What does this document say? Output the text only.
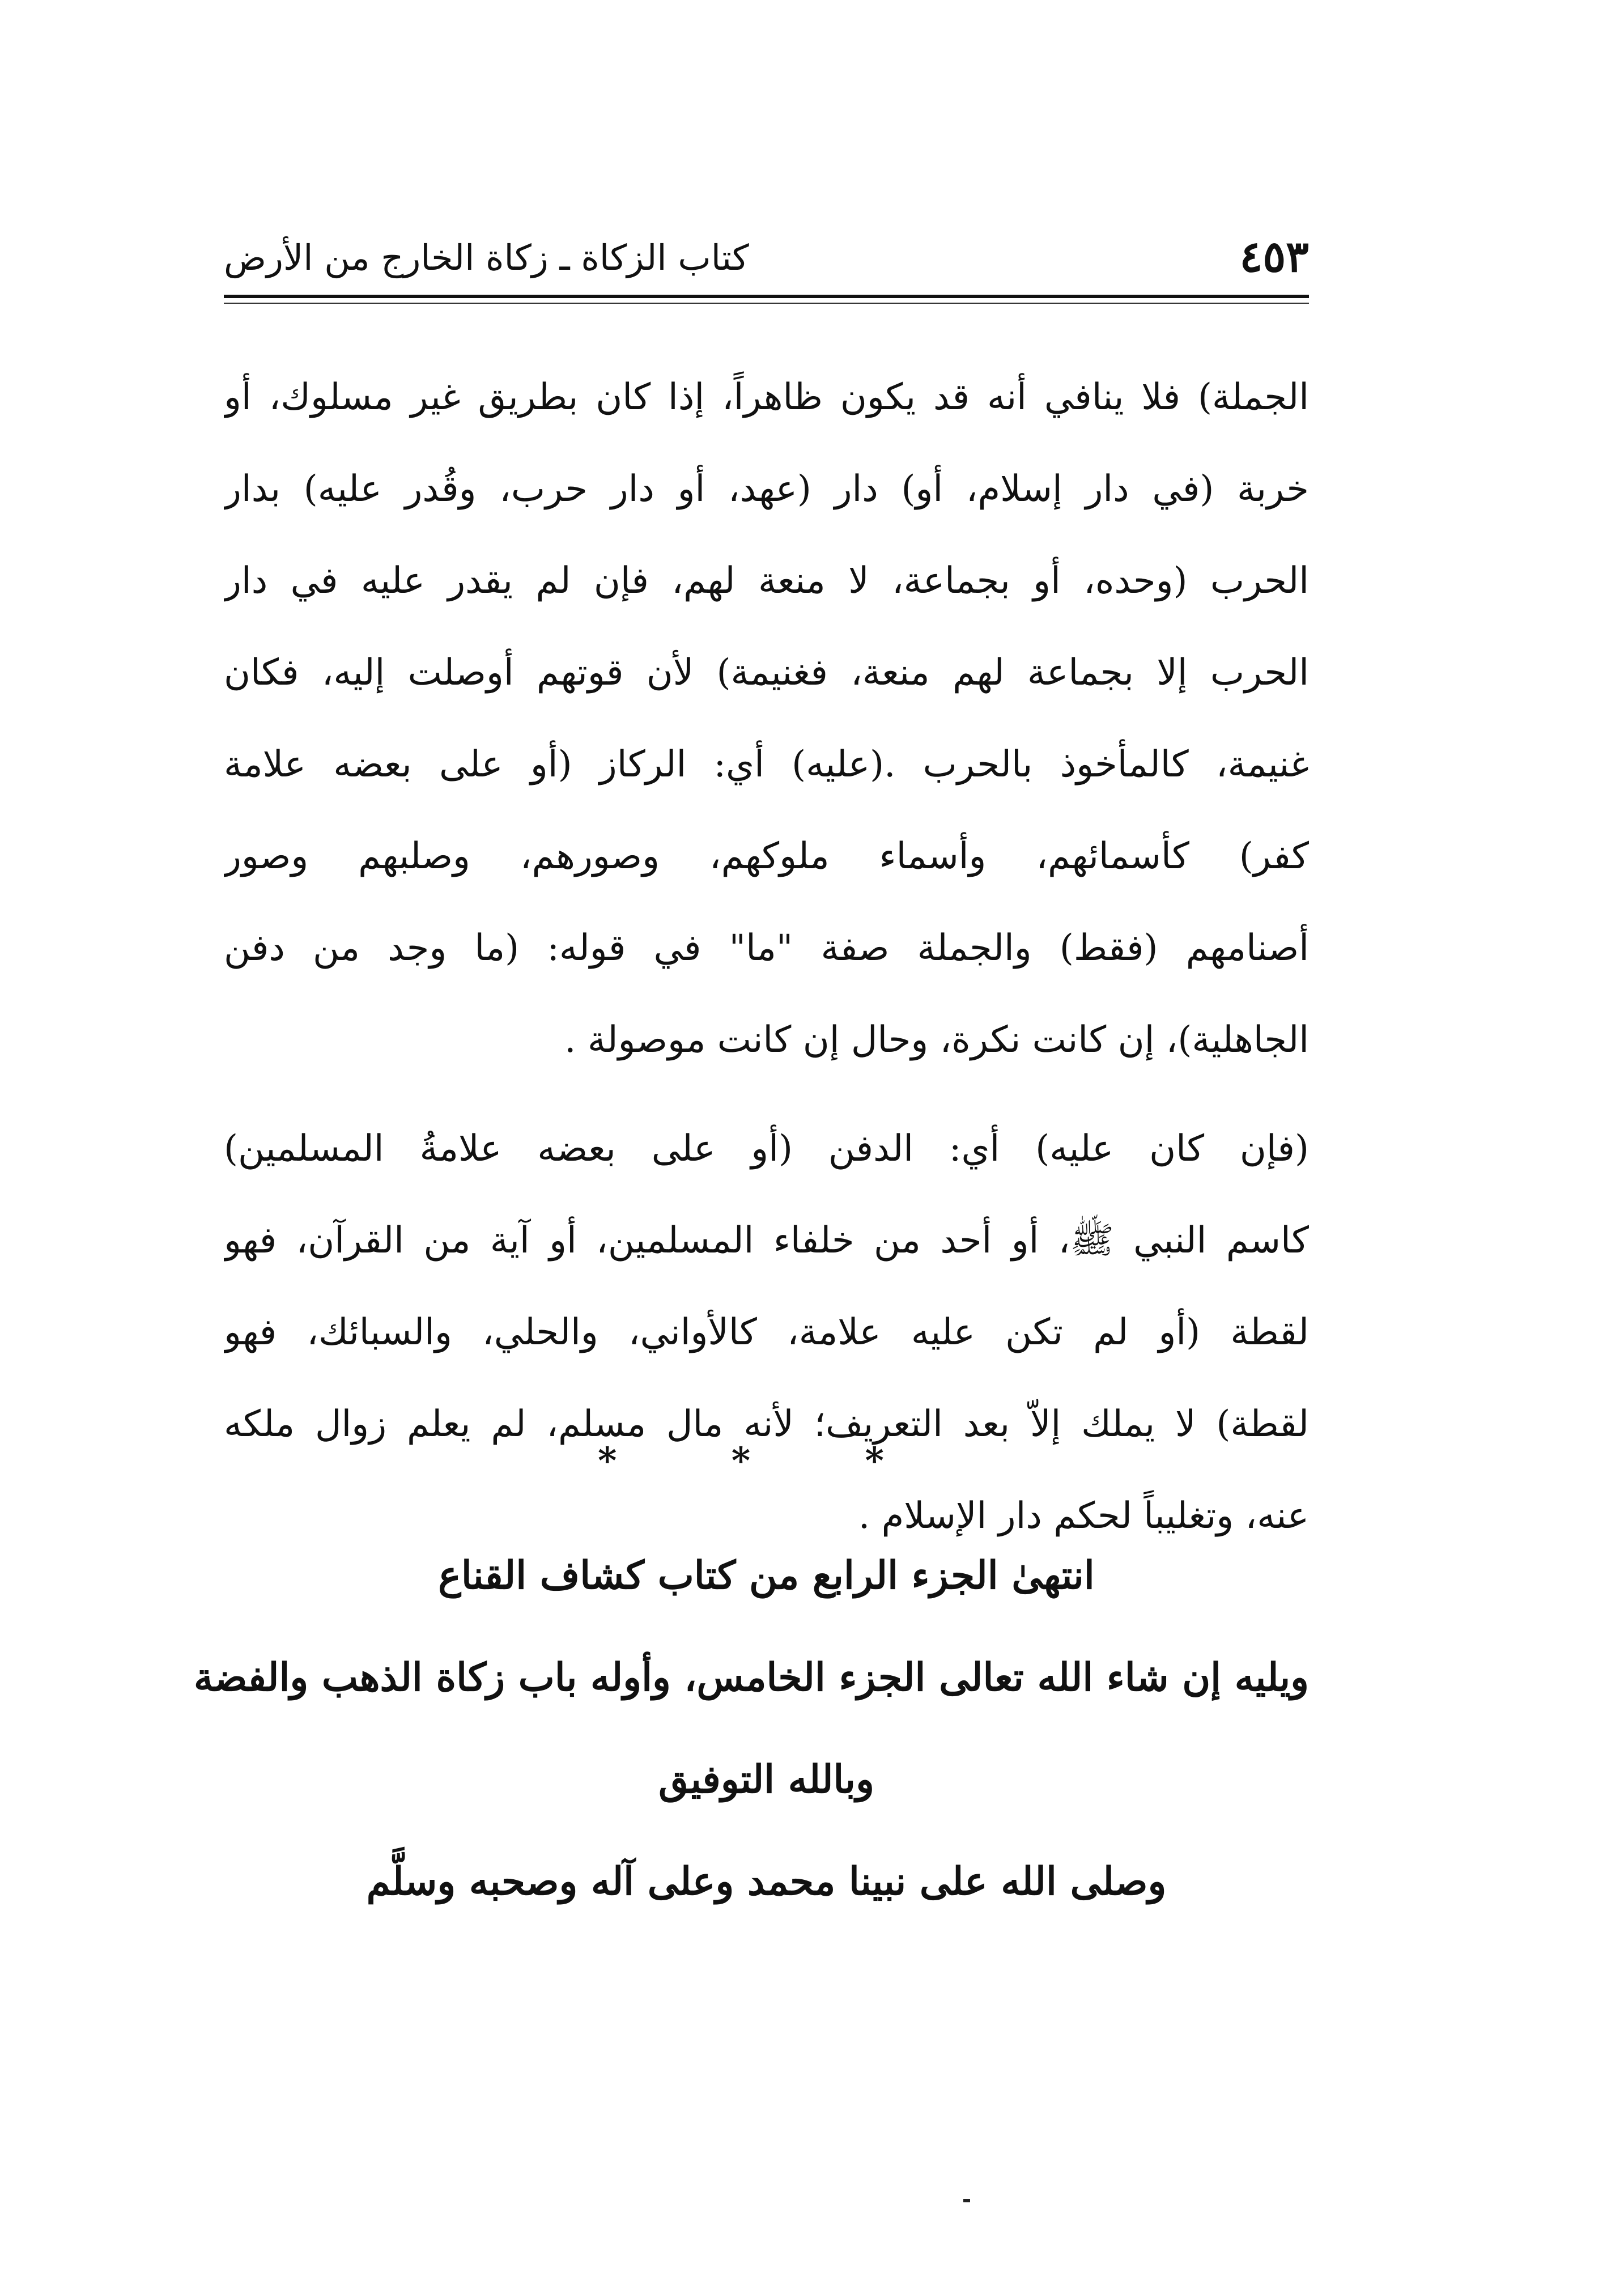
٤٥٣
كتاب الزكاة ـ زكاة الخارج من الأرض
الجملة) فلا ينافي أنه قد يكون ظاهراً، إذا كان بطريق غير مسلوك، أو
خربة (في دار إسلام، أو) دار (عهد، أو دار حرب، وقُدر عليه) بدار
الحرب (وحده، أو بجماعة، لا منعة لهم، فإن لم يقدر عليه في دار
الحرب إلا بجماعة لهم منعة، فغنيمة) لأن قوتهم أوصلت إليه، فكان
غنيمة، كالمأخوذ بالحرب .(عليه) أي: الركاز (أو على بعضه علامة
كفر) كأسمائهم، وأسماء ملوكهم، وصورهم، وصلبهم وصور
أصنامهم (فقط) والجملة صفة "ما" في قوله: (ما وجد من دفن
الجاهلية)، إن كانت نكرة، وحال إن كانت موصولة .
(فإن كان عليه) أي: الدفن (أو على بعضه علامةُ المسلمين)
كاسم النبي ﷺ، أو أحد من خلفاء المسلمين، أو آية من القرآن، فهو
لقطة (أو لم تكن عليه علامة، كالأواني، والحلي، والسبائك، فهو
لقطة) لا يملك إلاّ بعد التعريف؛ لأنه مال مسلم، لم يعلم زوال ملكه
عنه، وتغليباً لحكم دار الإسلام .
* * *
انتهىٰ الجزء الرابع من كتاب كشاف القناع
ويليه إن شاء الله تعالى الجزء الخامس، وأوله باب زكاة الذهب والفضة
وبالله التوفيق
وصلى الله على نبينا محمد وعلى آله وصحبه وسلَّم
